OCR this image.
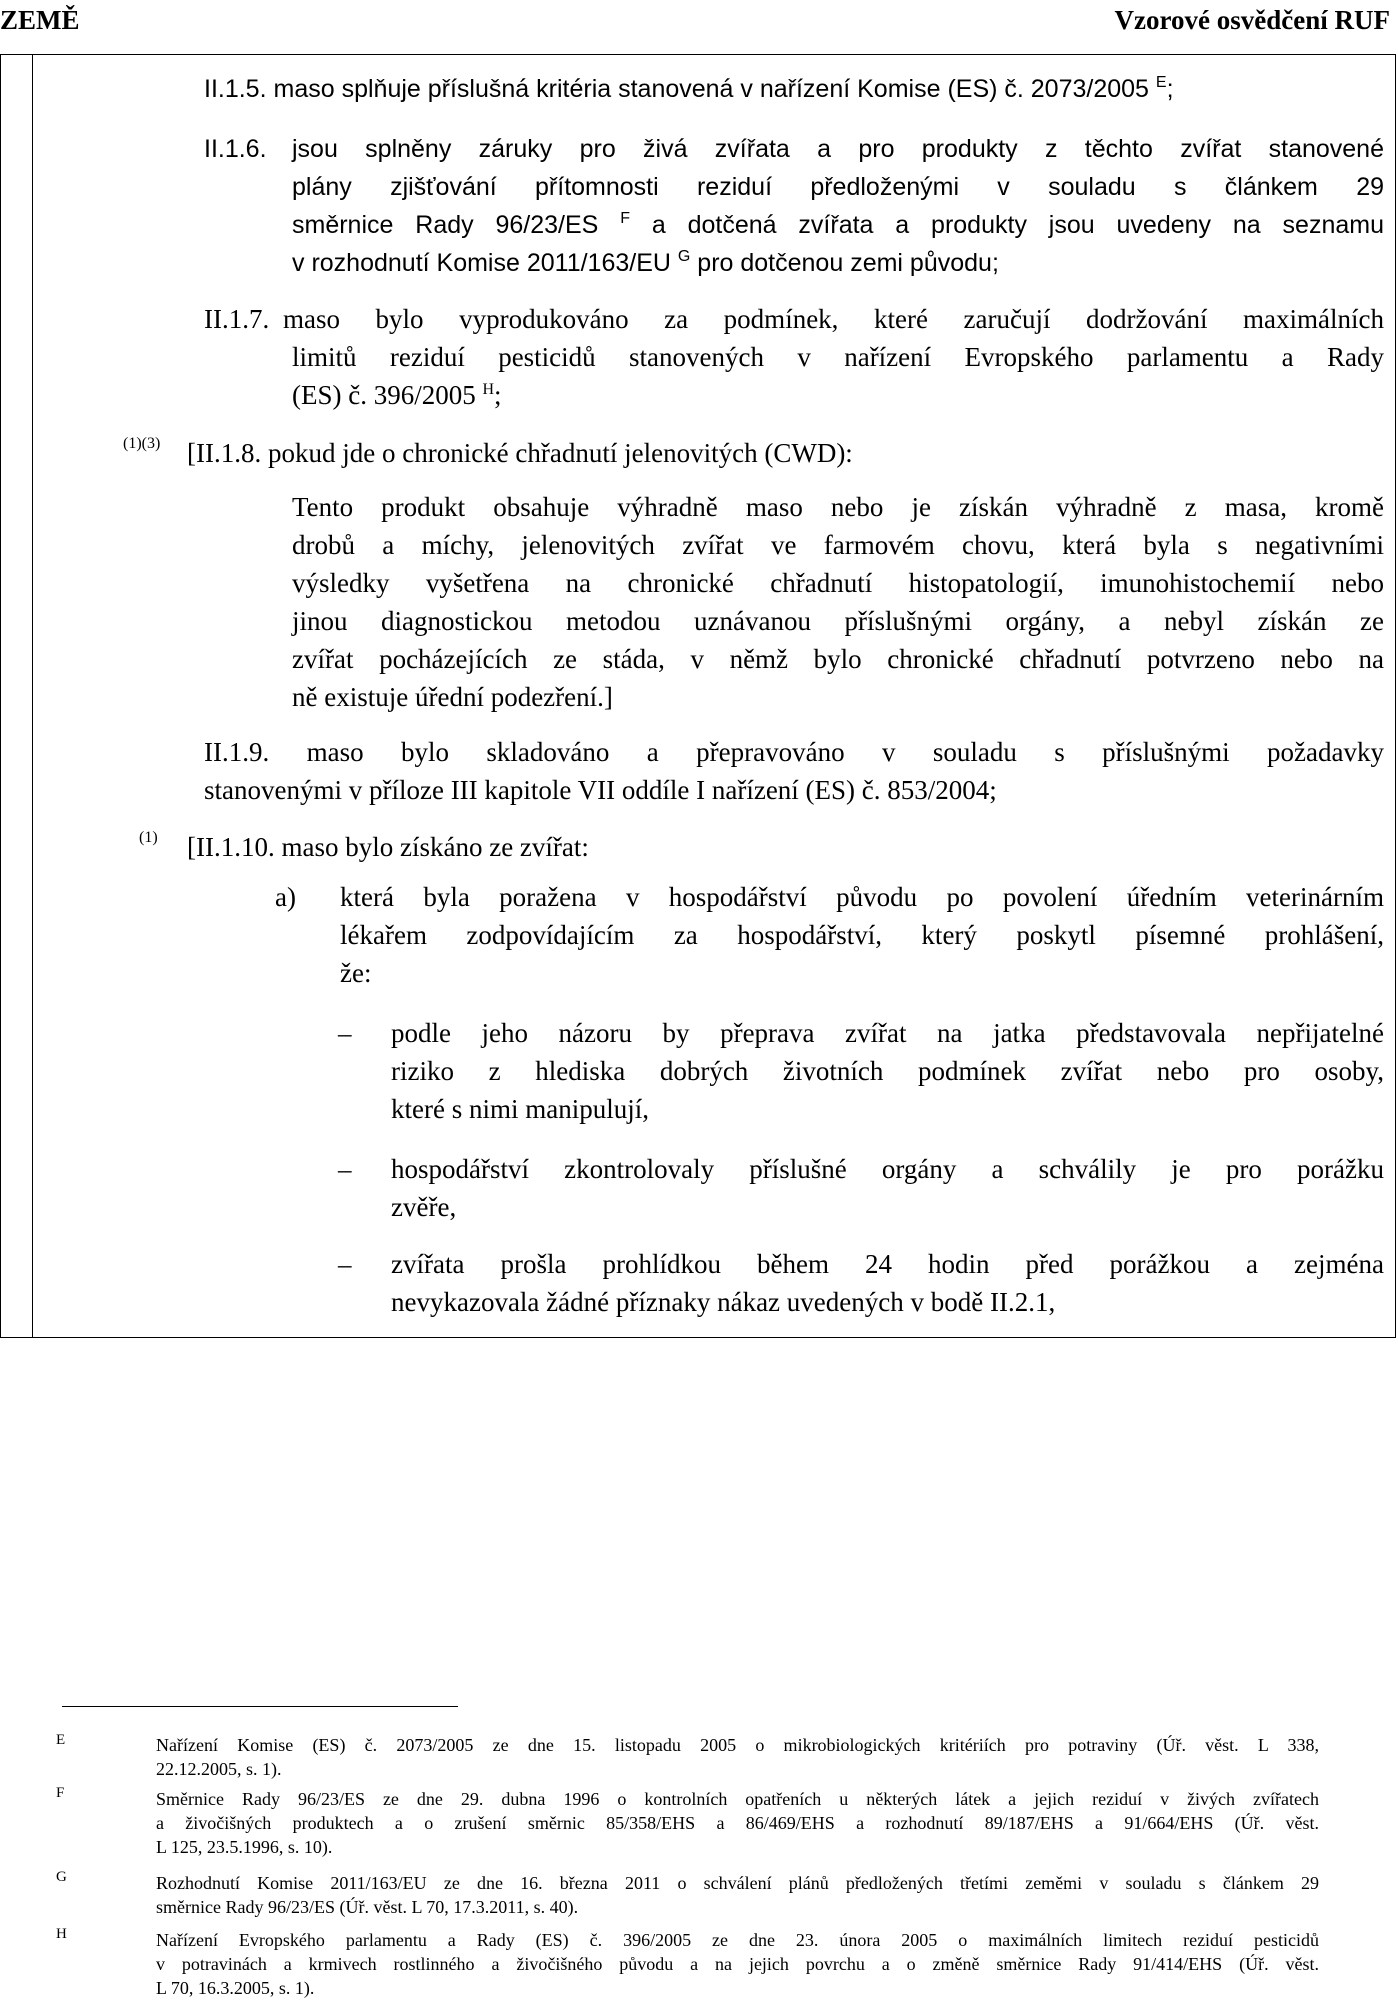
ZEMĚ	Vzorové osvědčení RUF
II.1.5. maso splňuje příslušná kritéria stanovená v nařízení Komise (ES) č. 2073/2005 $^E$;
II.1.6. jsou splněny záruky pro živá zvířata a pro produkty z těchto zvířat stanovené
plány zjišťování přítomnosti reziduí předloženými v souladu s článkem 29
směrnice Rady 96/23/ES $^F$ a dotčená zvířata a produkty jsou uvedeny na seznamu
v rozhodnutí Komise 2011/163/EU $^G$ pro dotčenou zemi původu;
II.1.7. maso bylo vyprodukováno za podmínek, které zaručují dodržování maximálních
limitů reziduí pesticidů stanovených v nařízení Evropského parlamentu a Rady
(ES) č. 396/2005 $^H$;
(1)(3) [II.1.8. pokud jde o chronické chřadnutí jelenovitých (CWD):
Tento produkt obsahuje výhradně maso nebo je získán výhradně z masa, kromě
drobů a míchy, jelenovitých zvířat ve farmovém chovu, která byla s negativními
výsledky vyšetřena na chronické chřadnutí histopatologií, imunohistochemií nebo
jinou diagnostickou metodou uznávanou příslušnými orgány, a nebyl získán ze
zvířat pocházejících ze stáda, v němž bylo chronické chřadnutí potvrzeno nebo na
ně existuje úřední podezření.]
II.1.9. maso bylo skladováno a přepravováno v souladu s příslušnými požadavky
stanovenými v příloze III kapitole VII oddíle I nařízení (ES) č. 853/2004;
(1) [II.1.10. maso bylo získáno ze zvířat:
a) která byla poražena v hospodářství původu po povolení úředním veterinárním
lékařem zodpovídajícím za hospodářství, který poskytl písemné prohlášení,
že:
– podle jeho názoru by přeprava zvířat na jatka představovala nepřijatelné
riziko z hlediska dobrých životních podmínek zvířat nebo pro osoby,
které s nimi manipulují,
– hospodářství zkontrolovaly příslušné orgány a schválily je pro porážku
zvěře,
– zvířata prošla prohlídkou během 24 hodin před porážkou a zejména
nevykazovala žádné příznaky nákaz uvedených v bodě II.2.1,
E	Nařízení Komise (ES) č. 2073/2005 ze dne 15. listopadu 2005 o mikrobiologických kritériích pro potraviny (Úř. věst. L 338,
22.12.2005, s. 1).
F	Směrnice Rady 96/23/ES ze dne 29. dubna 1996 o kontrolních opatřeních u některých látek a jejich reziduí v živých zvířatech
a živočišných produktech a o zrušení směrnic 85/358/EHS a 86/469/EHS a rozhodnutí 89/187/EHS a 91/664/EHS (Úř. věst.
L 125, 23.5.1996, s. 10).
G	Rozhodnutí Komise 2011/163/EU ze dne 16. března 2011 o schválení plánů předložených třetími zeměmi v souladu s článkem 29
směrnice Rady 96/23/ES (Úř. věst. L 70, 17.3.2011, s. 40).
H	Nařízení Evropského parlamentu a Rady (ES) č. 396/2005 ze dne 23. února 2005 o maximálních limitech reziduí pesticidů
v potravinách a krmivech rostlinného a živočišného původu a na jejich povrchu a o změně směrnice Rady 91/414/EHS (Úř. věst.
L 70, 16.3.2005, s. 1).
